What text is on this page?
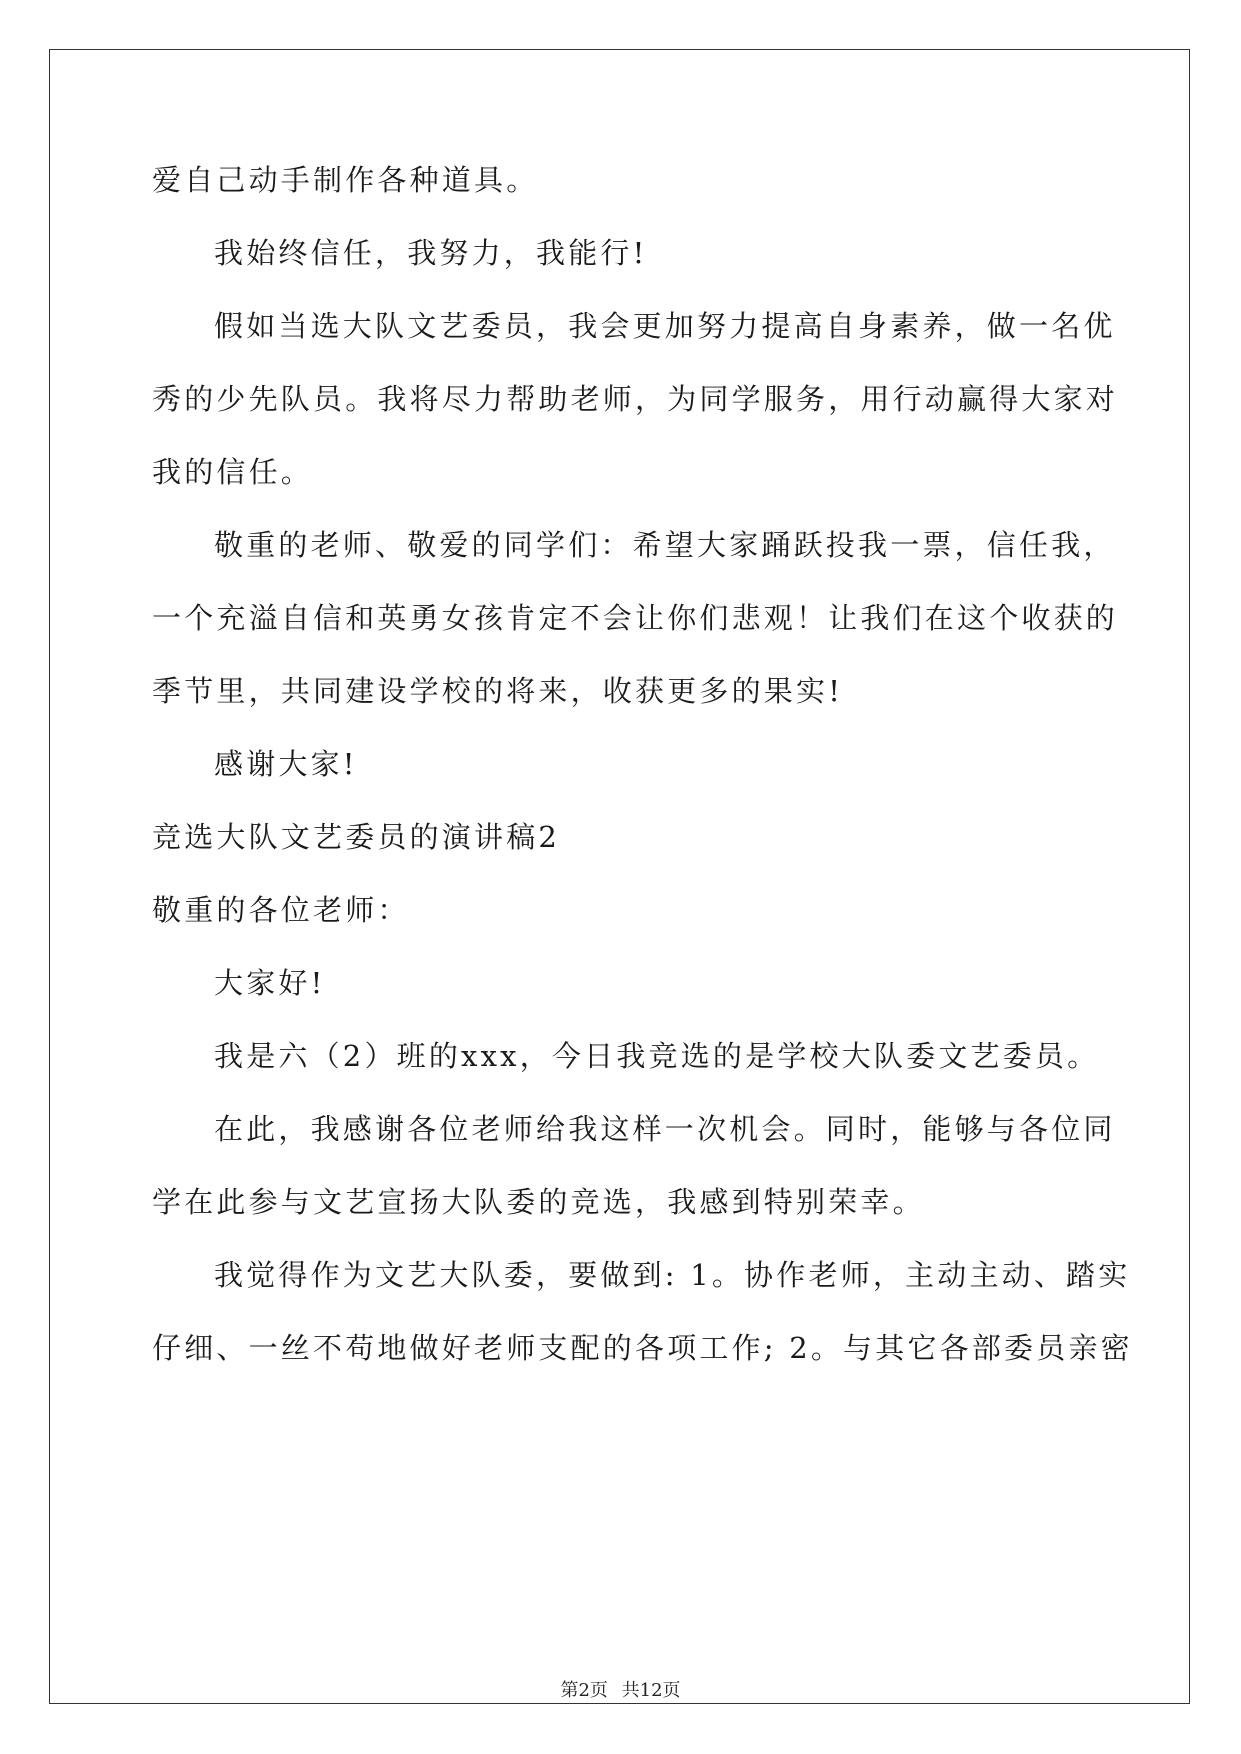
爱自己动手制作各种道具。
我始终信任，我努力，我能行!
假如当选大队文艺委员，我会更加努力提高自身素养，做一名优
秀的少先队员。我将尽力帮助老师，为同学服务，用行动赢得大家对
我的信任。
敬重的老师、敬爱的同学们：希望大家踊跃投我一票，信任我，
一个充溢自信和英勇女孩肯定不会让你们悲观！让我们在这个收获的
季节里，共同建设学校的将来，收获更多的果实!
感谢大家!
竞选大队文艺委员的演讲稿2
敬重的各位老师：
大家好!
我是六（2）班的xxx，今日我竞选的是学校大队委文艺委员。
在此，我感谢各位老师给我这样一次机会。同时，能够与各位同
学在此参与文艺宣扬大队委的竞选，我感到特别荣幸。
我觉得作为文艺大队委，要做到: 1。协作老师，主动主动、踏实
仔细、一丝不苟地做好老师支配的各项工作; 2。与其它各部委员亲密
第2页 共12页
